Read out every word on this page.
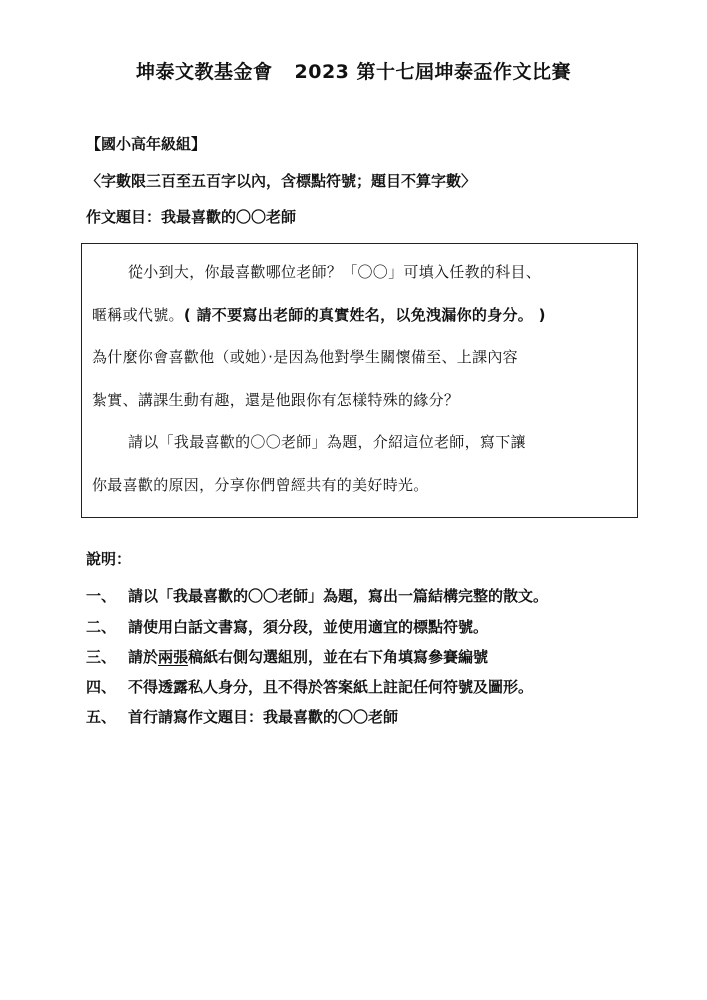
坤泰文教基金會 2023 第十七屆坤泰盃作文比賽
【國小高年級組】
〈字數限三百至五百字以內，含標點符號；題目不算字數〉
作文題目：我最喜歡的〇〇老師
從小到大，你最喜歡哪位老師？「〇〇」可填入任教的科目、
暱稱或代號。( 請不要寫出老師的真實姓名，以免洩漏你的身分。 )
為什麼你會喜歡他（或她）‧是因為他對學生關懷備至、上課內容
紮實、講課生動有趣，還是他跟你有怎樣特殊的緣分？
請以「我最喜歡的〇〇老師」為題，介紹這位老師，寫下讓
你最喜歡的原因，分享你們曾經共有的美好時光。
說明：
一、 請以「我最喜歡的〇〇老師」為題，寫出一篇結構完整的散文。
二、 請使用白話文書寫，須分段，並使用適宜的標點符號。
三、 請於兩張稿紙右側勾選組別，並在右下角填寫參賽編號
四、 不得透露私人身分，且不得於答案紙上註記任何符號及圖形。
五、 首行請寫作文題目：我最喜歡的〇〇老師
